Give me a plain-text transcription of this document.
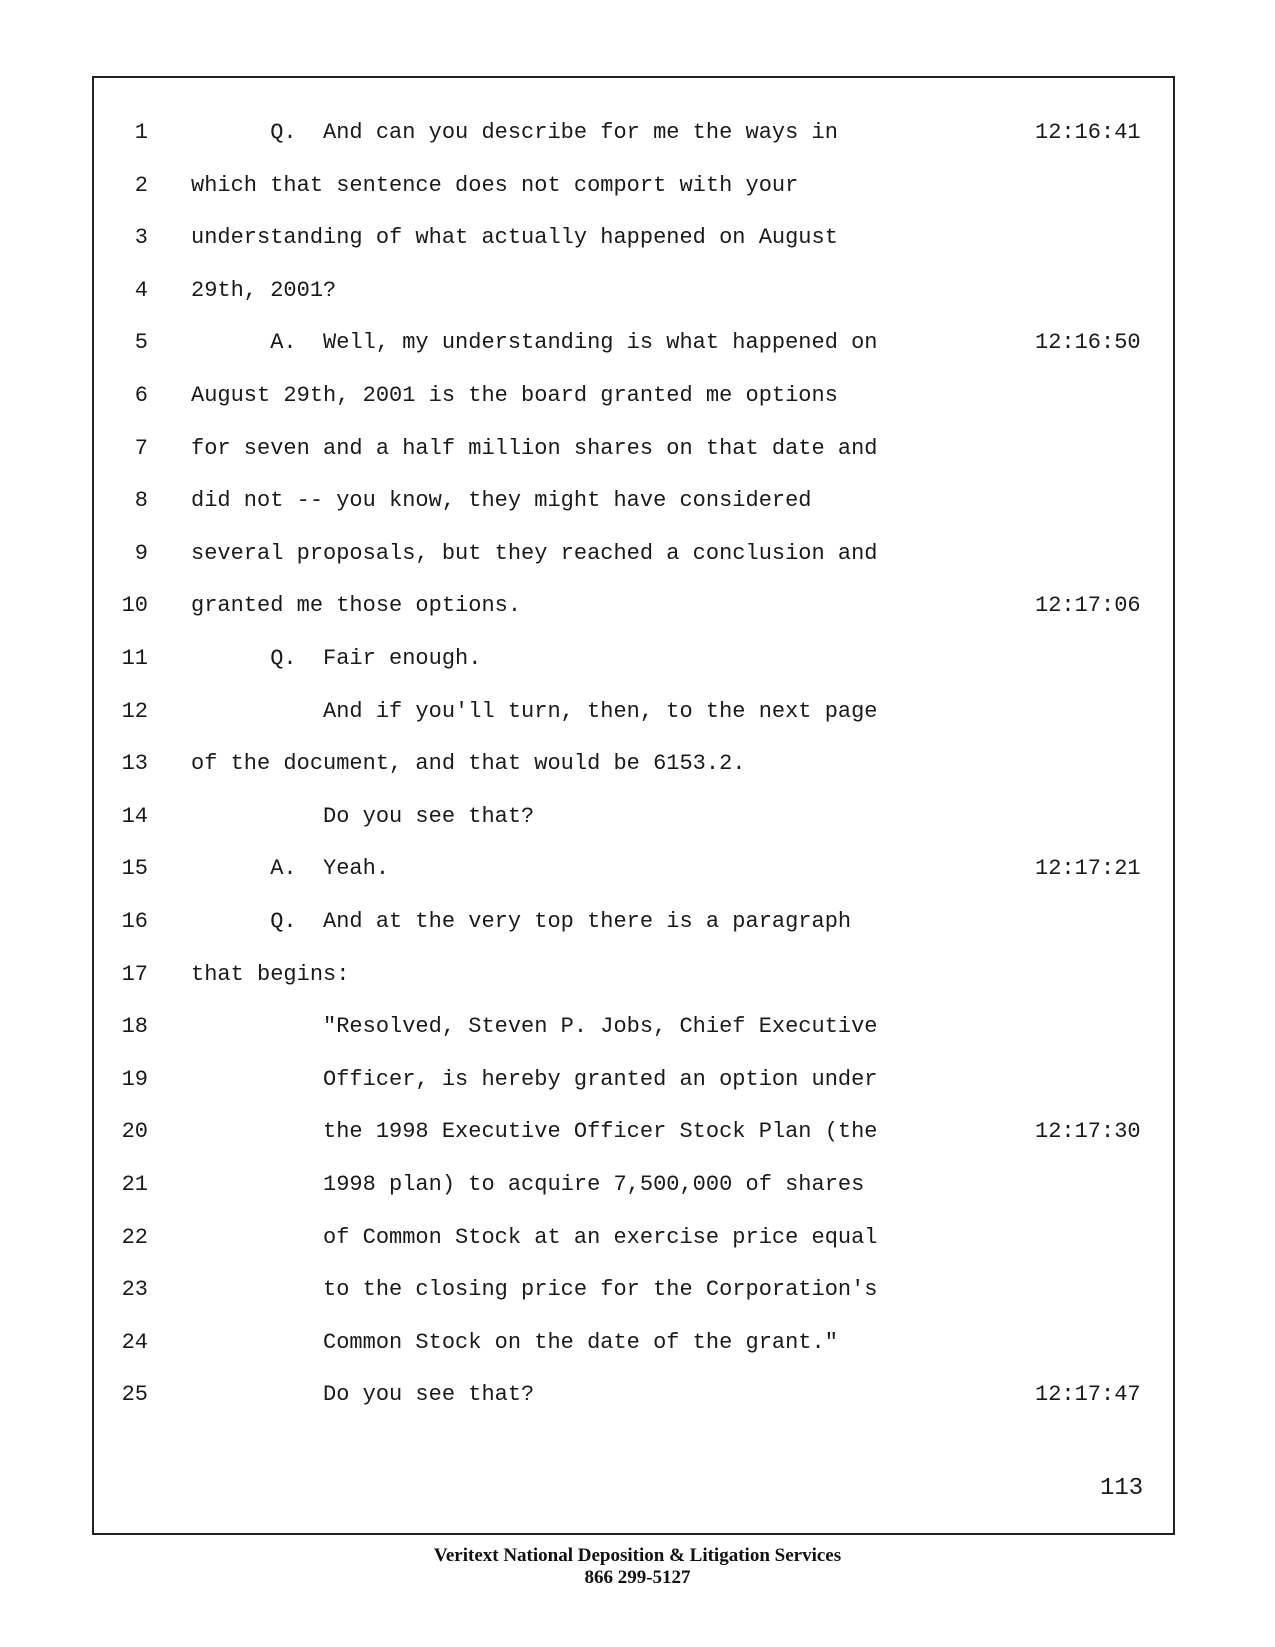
1 Q.  And can you describe for me the ways in	12:16:41
2 which that sentence does not comport with your
3 understanding of what actually happened on August
4 29th, 2001?
5 A.  Well, my understanding is what happened on	12:16:50
6 August 29th, 2001 is the board granted me options
7 for seven and a half million shares on that date and
8 did not -- you know, they might have considered
9 several proposals, but they reached a conclusion and
10 granted me those options.	12:17:06
11 Q.  Fair enough.
12 And if you'll turn, then, to the next page
13 of the document, and that would be 6153.2.
14 Do you see that?
15 A.  Yeah.	12:17:21
16 Q.  And at the very top there is a paragraph
17 that begins:
18 "Resolved, Steven P. Jobs, Chief Executive
19 Officer, is hereby granted an option under
20 the 1998 Executive Officer Stock Plan (the	12:17:30
21 1998 plan) to acquire 7,500,000 of shares
22 of Common Stock at an exercise price equal
23 to the closing price for the Corporation's
24 Common Stock on the date of the grant."
25 Do you see that?	12:17:47
113
Veritext National Deposition & Litigation Services
866 299-5127
